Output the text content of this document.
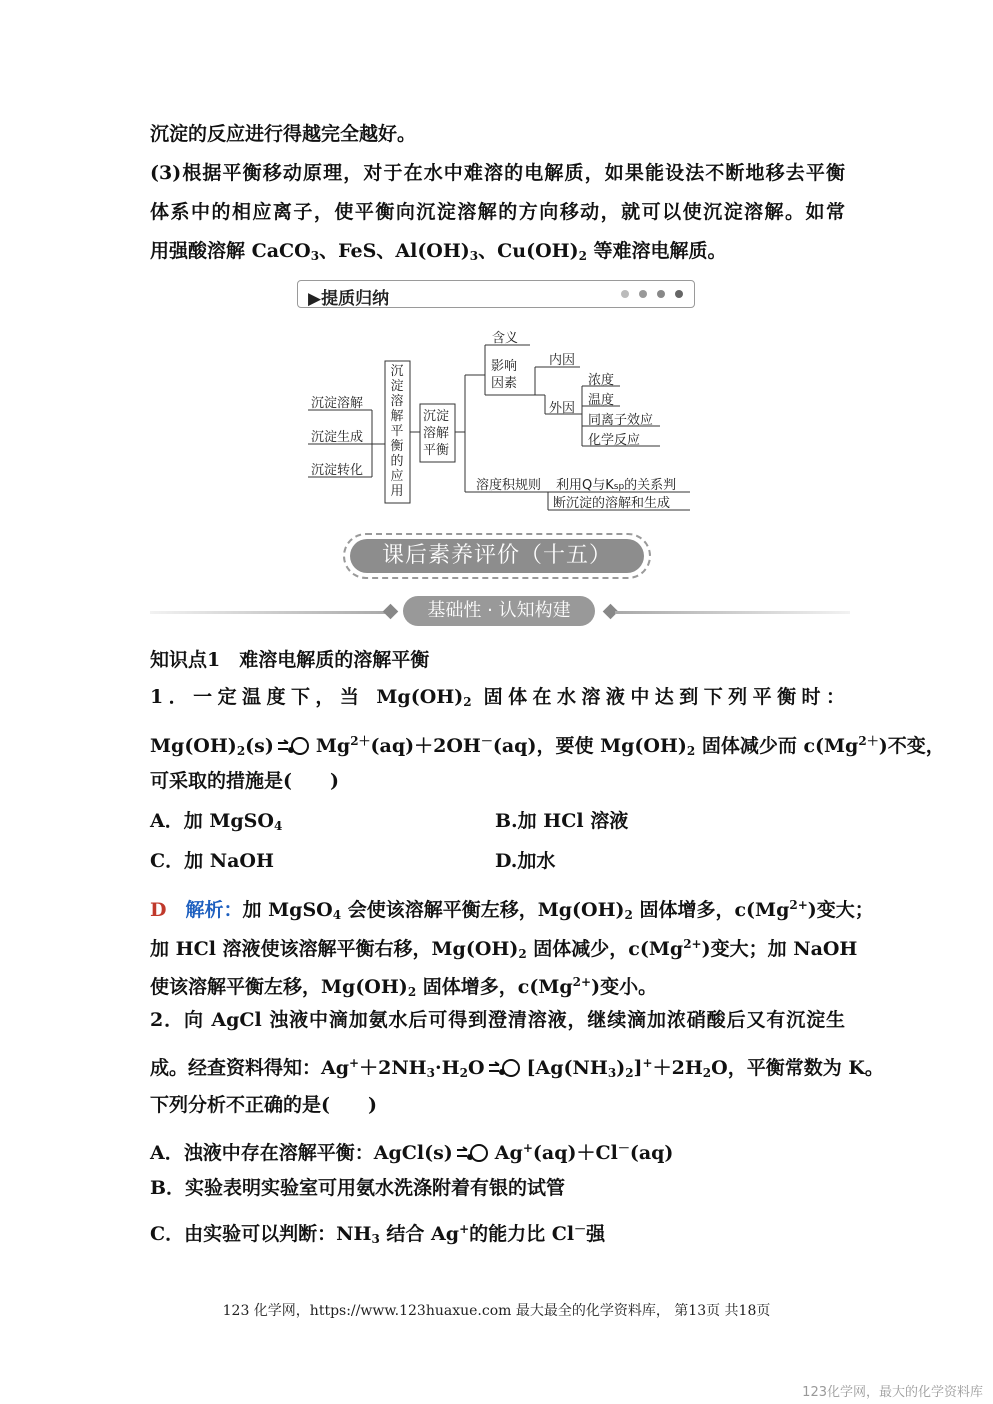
沉淀的反应进行得越完全越好。
(3)根据平衡移动原理，对于在水中难溶的电解质，如果能设法不断地移去平衡
体系中的相应离子，使平衡向沉淀溶解的方向移动，就可以使沉淀溶解。如常
用强酸溶解 CaCO$_3$、FeS、$Al(OH)_3$、$Cu(OH)_2$ 等难溶电解质。
▶提质归纳
沉淀溶解
沉淀生成
沉淀转化
沉
淀
溶
解
平
衡
的
应
用
沉淀
溶解
平衡
含义
影响
因素
内因
外因
浓度
温度
同离子效应
化学反应
溶度积规则 利用Q与Ksp的关系判
断沉淀的溶解和生成
课后素养评价（十五）
基础性 · 认知构建
知识点1　难溶电解质的溶解平衡
1．一定温度下，当 $Mg(OH)_2$ 固体在水溶液中达到下列平衡时：
$Mg(OH)_2(s)$ $Mg^{2+}(aq)+2OH^-(aq)$，要使 $Mg(OH)_2$ 固体减少而 $c(Mg^{2+})$不变，
可采取的措施是(　　)
A．加 MgSO$_4$	B.加 HCl 溶液
C．加 NaOH	D.加水
D　 解析：加 MgSO$_4$ 会使该溶解平衡左移，$Mg(OH)_2$ 固体增多，$c(Mg^{2+})$变大；
加 HCl 溶液使该溶解平衡右移，$Mg(OH)_2$ 固体减少，$c(Mg^{2+})$变大；加 NaOH
使该溶解平衡左移，$Mg(OH)_2$ 固体增多，$c(Mg^{2+})$变小。
2．向 AgCl 浊液中滴加氨水后可得到澄清溶液，继续滴加浓硝酸后又有沉淀生
成。经查资料得知：$Ag^++2NH_3\cdot H_2O$ $[Ag(NH_3)_2]^++2H_2O$，平衡常数为 K。
下列分析不正确的是(　　)
A．浊液中存在溶解平衡：AgCl(s) Ag+(aq)＋Cl－(aq)
B．实验表明实验室可用氨水洗涤附着有银的试管
C．由实验可以判断：$NH_3$ 结合 Ag+的能力比 Cl－强
123 化学网，https://www.123huaxue.com 最大最全的化学资料库， 第13页 共18页
123化学网，最大的化学资料库
